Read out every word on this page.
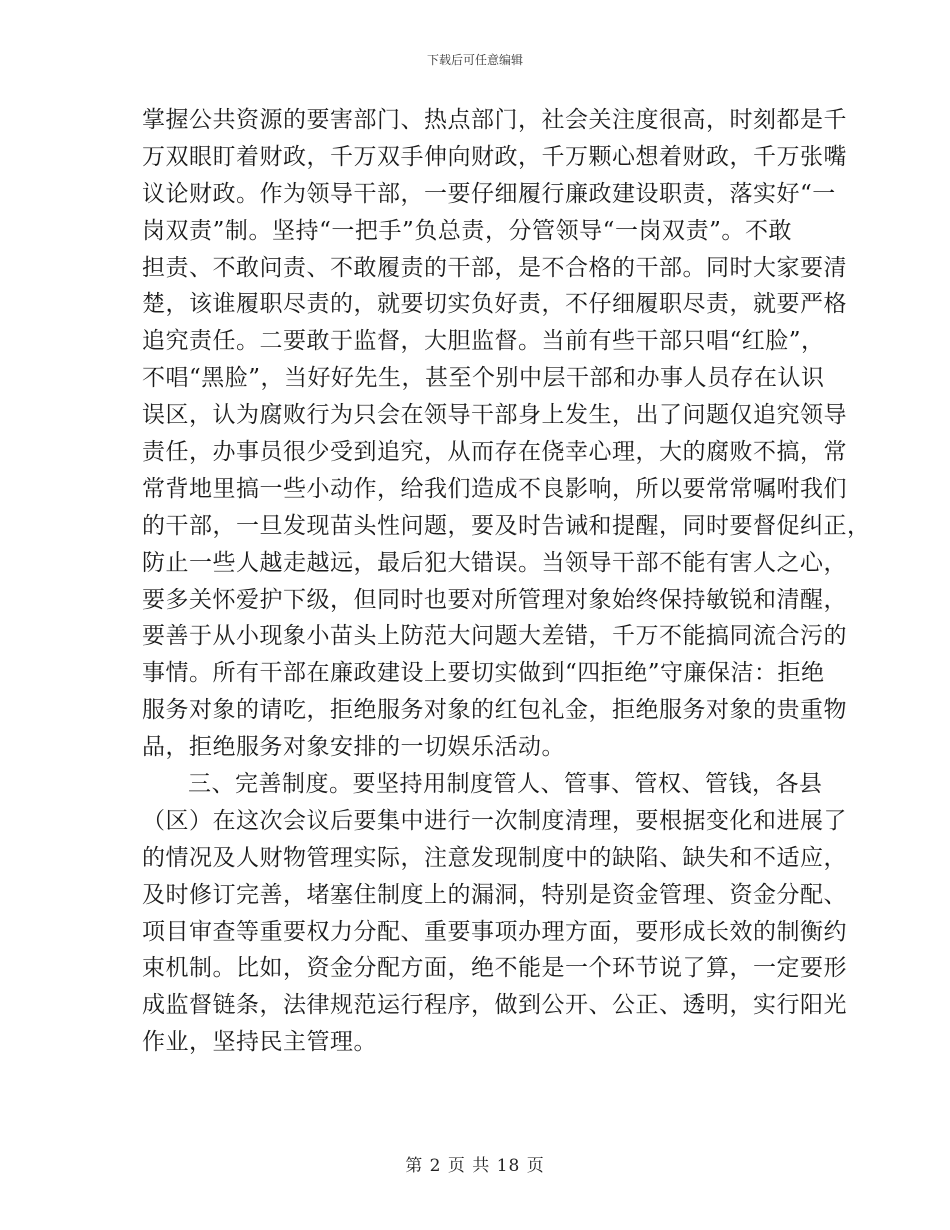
下载后可任意编辑
掌握公共资源的要害部门、热点部门，社会关注度很高，时刻都是千
万双眼盯着财政，千万双手伸向财政，千万颗心想着财政，千万张嘴
议论财政。作为领导干部，一要仔细履行廉政建设职责，落实好“一
岗双责”制。坚持“一把手”负总责，分管领导“一岗双责”。不敢
担责、不敢问责、不敢履责的干部，是不合格的干部。同时大家要清
楚，该谁履职尽责的，就要切实负好责，不仔细履职尽责，就要严格
追究责任。二要敢于监督，大胆监督。当前有些干部只唱“红脸”，
不唱“黑脸”，当好好先生，甚至个别中层干部和办事人员存在认识
误区，认为腐败行为只会在领导干部身上发生，出了问题仅追究领导
责任，办事员很少受到追究，从而存在侥幸心理，大的腐败不搞，常
常背地里搞一些小动作，给我们造成不良影响，所以要常常嘱咐我们
的干部，一旦发现苗头性问题，要及时告诫和提醒，同时要督促纠正，
防止一些人越走越远，最后犯大错误。当领导干部不能有害人之心，
要多关怀爱护下级，但同时也要对所管理对象始终保持敏锐和清醒，
要善于从小现象小苗头上防范大问题大差错，千万不能搞同流合污的
事情。所有干部在廉政建设上要切实做到“四拒绝”守廉保洁：拒绝
服务对象的请吃，拒绝服务对象的红包礼金，拒绝服务对象的贵重物
品，拒绝服务对象安排的一切娱乐活动。
三、完善制度。要坚持用制度管人、管事、管权、管钱，各县
（区）在这次会议后要集中进行一次制度清理，要根据变化和进展了
的情况及人财物管理实际，注意发现制度中的缺陷、缺失和不适应，
及时修订完善，堵塞住制度上的漏洞，特别是资金管理、资金分配、
项目审查等重要权力分配、重要事项办理方面，要形成长效的制衡约
束机制。比如，资金分配方面，绝不能是一个环节说了算，一定要形
成监督链条，法律规范运行程序，做到公开、公正、透明，实行阳光
作业，坚持民主管理。
第 2 页 共 18 页
